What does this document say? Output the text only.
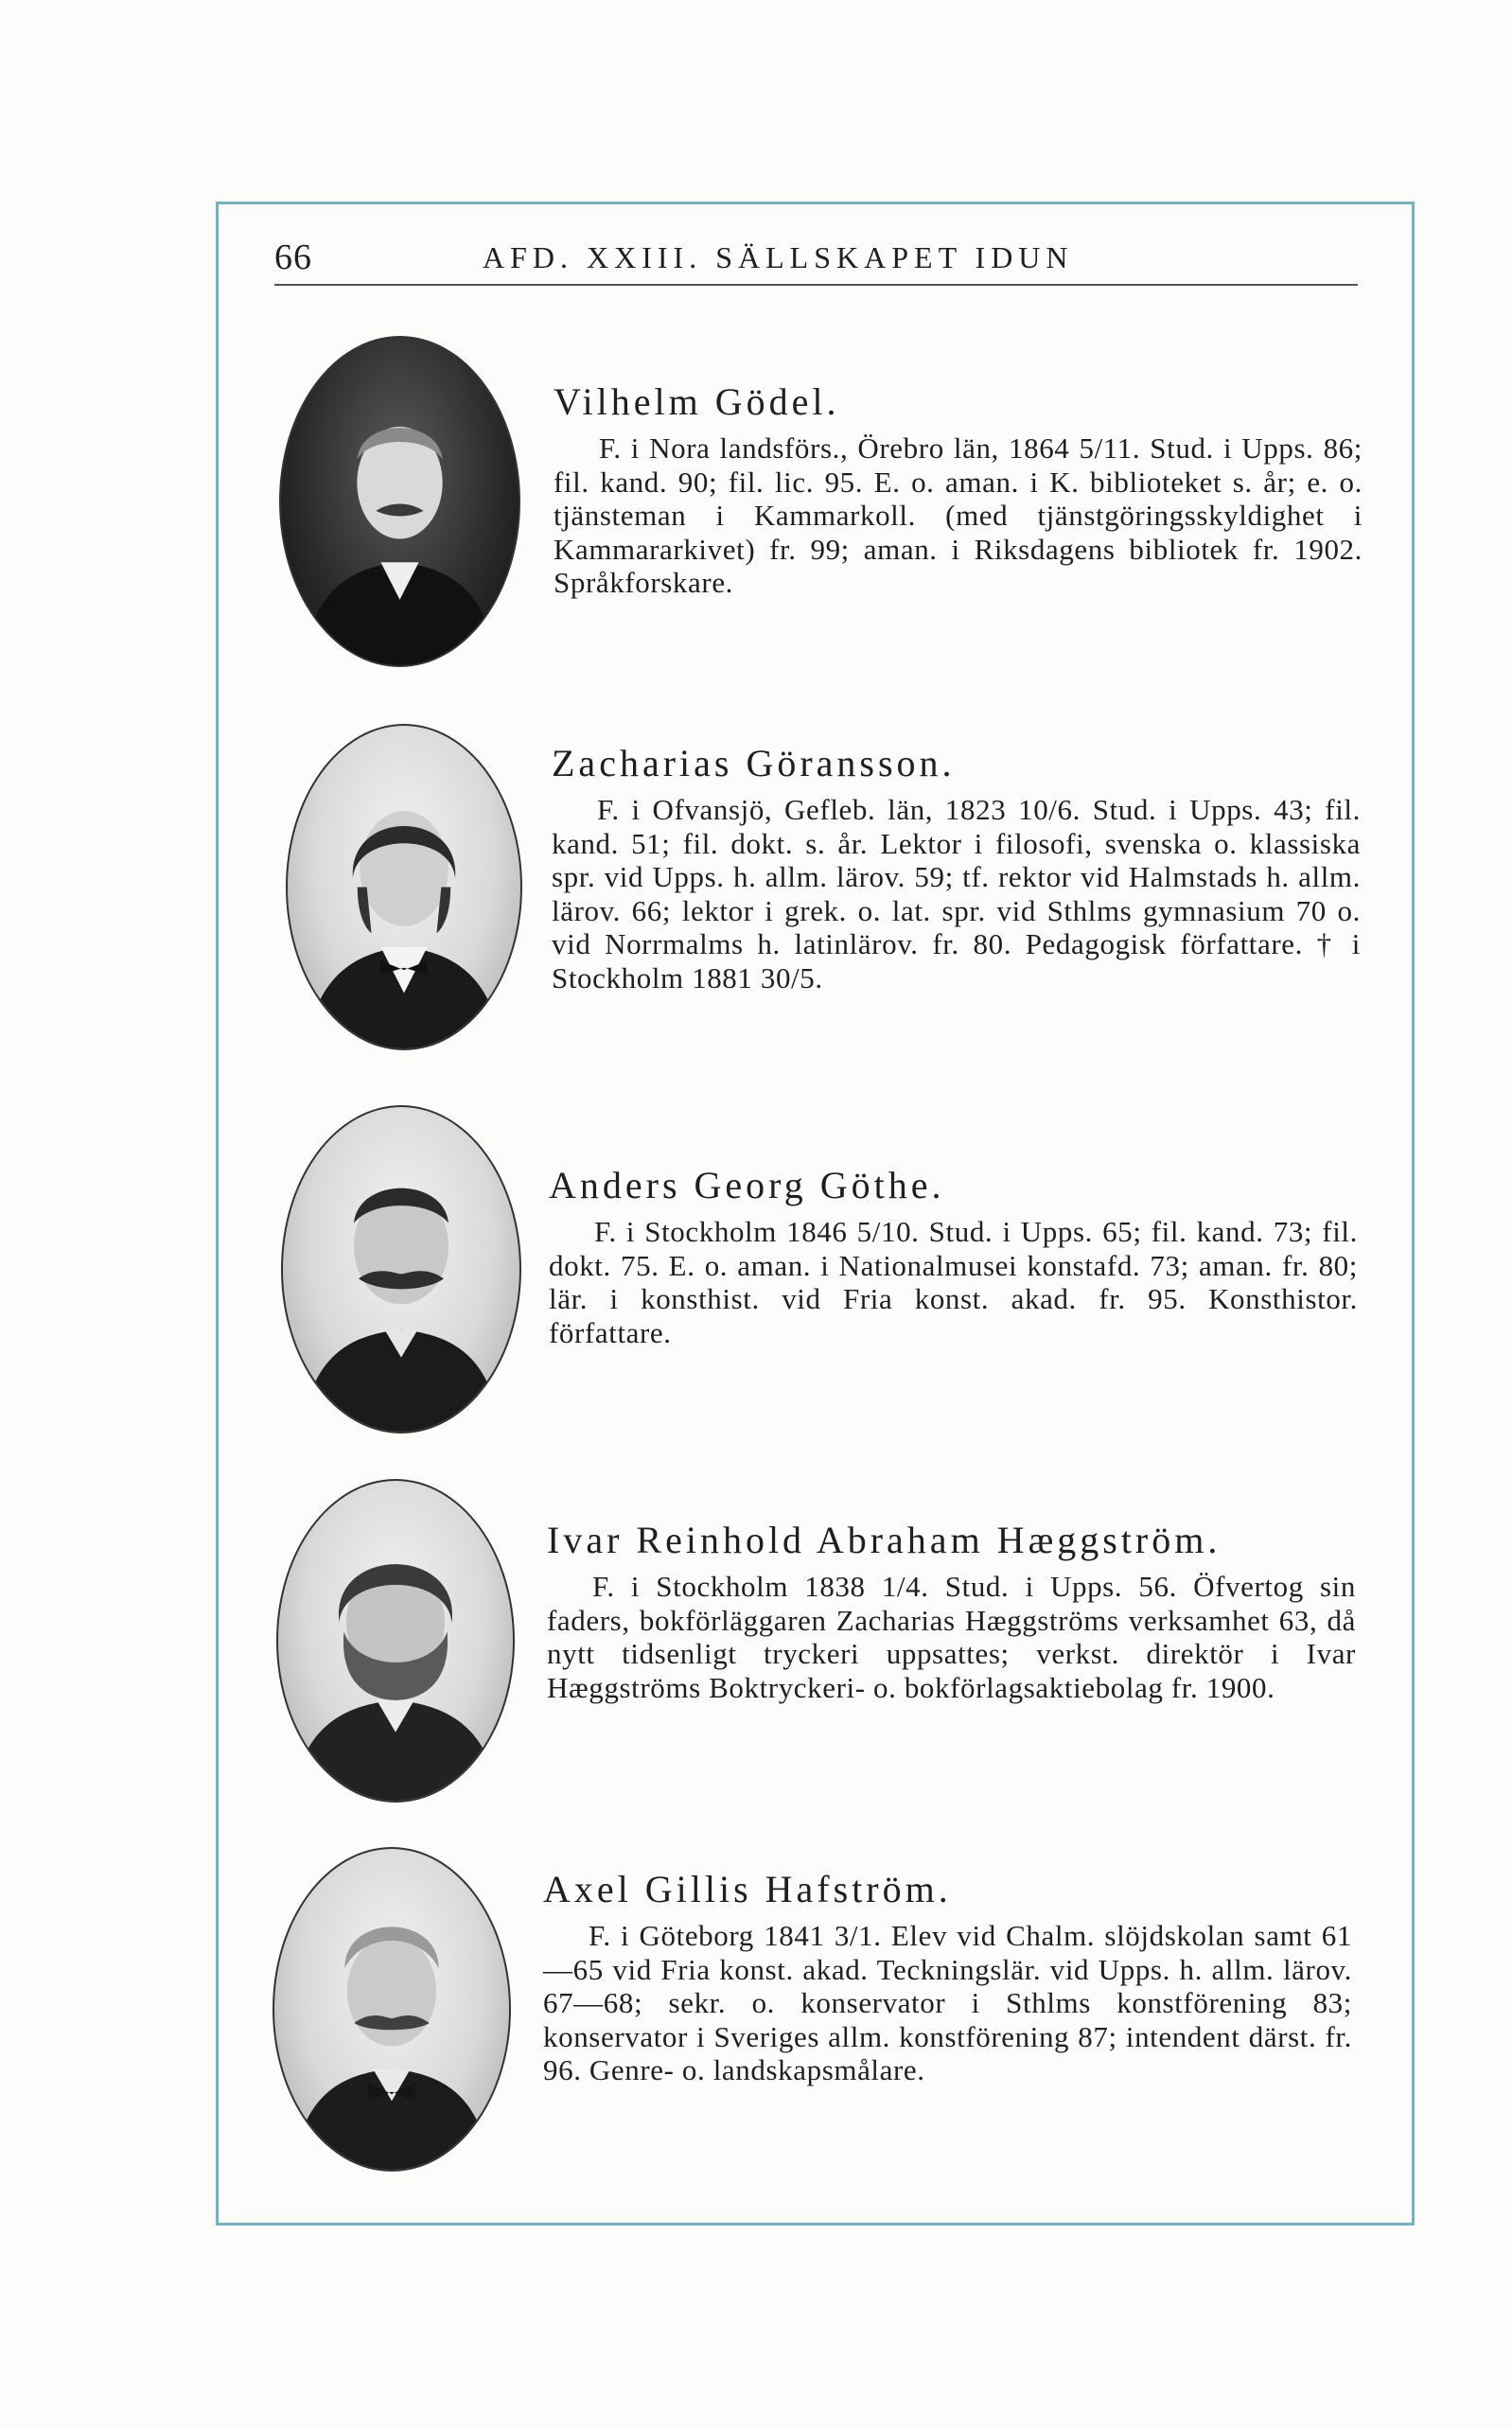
66	AFD. XXIII. SÄLLSKAPET IDUN
Vilhelm Gödel.

F. i Nora landsförs., Örebro län, 1864 5/11. Stud. i Upps. 86; fil. kand. 90; fil. lic. 95. E. o. aman. i K. biblioteket s. år; e. o. tjänsteman i Kammarkoll. (med tjänstgöringsskyldighet i Kammararkivet) fr. 99; aman. i Riksdagens bibliotek fr. 1902. Språkforskare.

Zacharias Göransson.

F. i Ofvansjö, Gefleb. län, 1823 10/6. Stud. i Upps. 43; fil. kand. 51; fil. dokt. s. år. Lektor i filosofi, svenska o. klassiska spr. vid Upps. h. allm. lärov. 59; tf. rektor vid Halmstads h. allm. lärov. 66; lektor i grek. o. lat. spr. vid Sthlms gymnasium 70 o. vid Norrmalms h. latinlärov. fr. 80. Pedagogisk författare. † i Stockholm 1881 30/5.

Anders Georg Göthe.

F. i Stockholm 1846 5/10. Stud. i Upps. 65; fil. kand. 73; fil. dokt. 75. E. o. aman. i Nationalmusei konstafd. 73; aman. fr. 80; lär. i konsthist. vid Fria konst. akad. fr. 95. Konsthistor. författare.

Ivar Reinhold Abraham Hæggström.

F. i Stockholm 1838 1/4. Stud. i Upps. 56. Öfvertog sin faders, bokförläggaren Zacharias Hæggströms verksamhet 63, då nytt tidsenligt tryckeri uppsattes; verkst. direktör i Ivar Hæggströms Boktryckeri- o. bokförlagsaktiebolag fr. 1900.

Axel Gillis Hafström.

F. i Göteborg 1841 3/1. Elev vid Chalm. slöjdskolan samt 61—65 vid Fria konst. akad. Teckningslär. vid Upps. h. allm. lärov. 67—68; sekr. o. konservator i Sthlms konstförening 83; konservator i Sveriges allm. konstförening 87; intendent därst. fr. 96. Genre- o. landskapsmålare.
